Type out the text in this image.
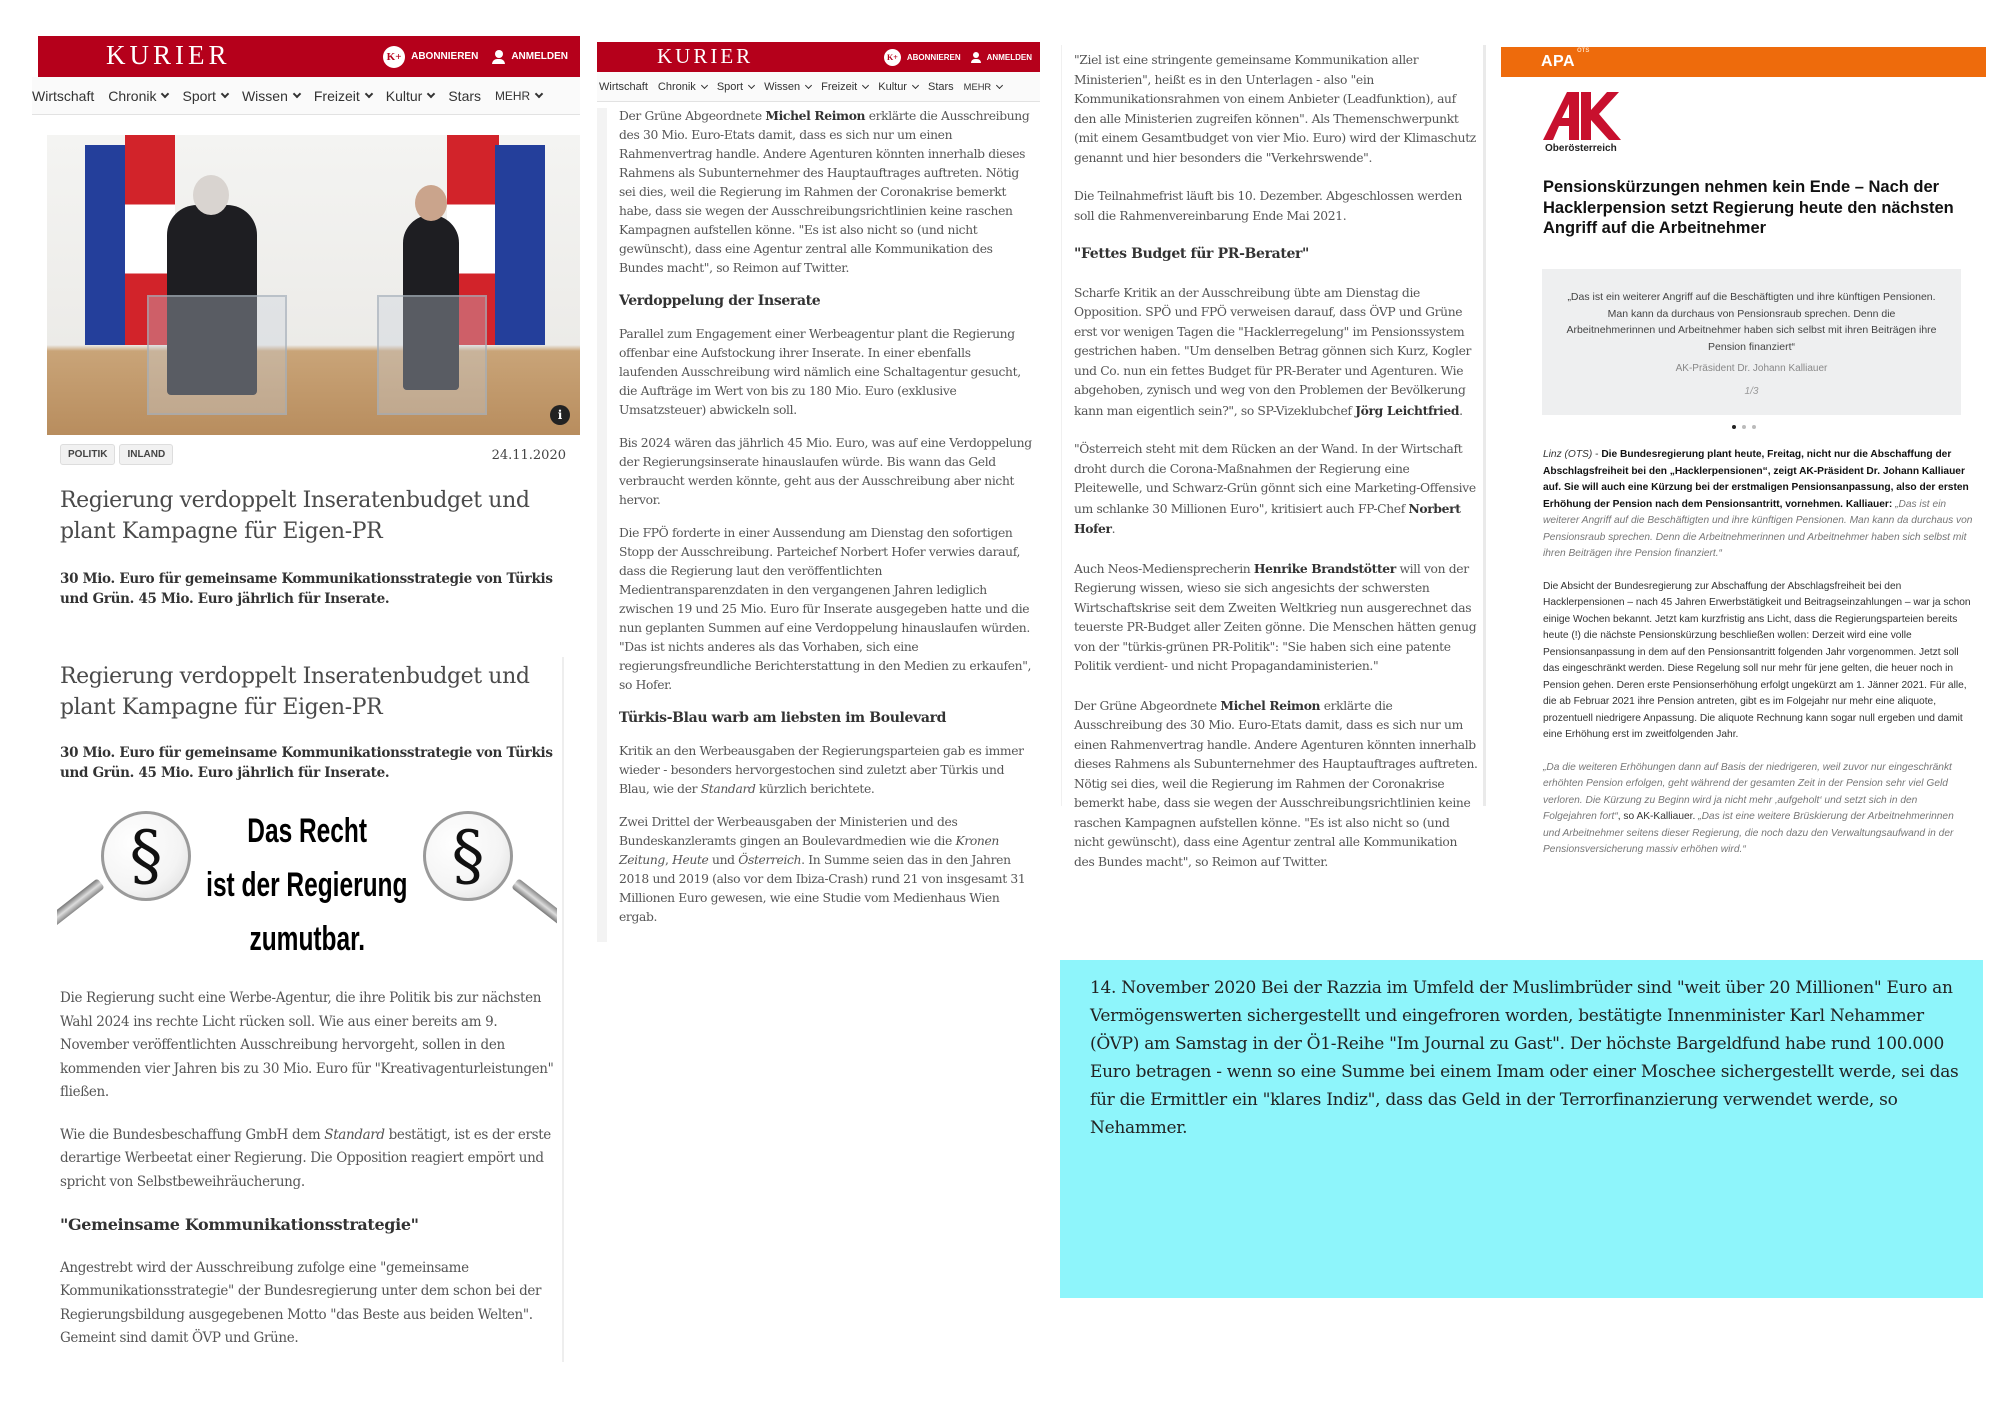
KURIER	K+ ABONNIEREN	ANMELDEN
Wirtschaft Chronik Sport Wissen Freizeit Kultur Stars MEHR
i
POLITIK	INLAND	24.11.2020
Regierung verdoppelt Inseratenbudget und plant Kampagne für Eigen-PR

30 Mio. Euro für gemeinsame Kommunikationsstrategie von Türkis und Grün. 45 Mio. Euro jährlich für Inserate.

Regierung verdoppelt Inseratenbudget und plant Kampagne für Eigen-PR

30 Mio. Euro für gemeinsame Kommunikationsstrategie von Türkis und Grün. 45 Mio. Euro jährlich für Inserate.

§	§
Das Recht
ist der Regierung
zumutbar.

Die Regierung sucht eine Werbe-Agentur, die ihre Politik bis zur nächsten Wahl 2024 ins rechte Licht rücken soll. Wie aus einer bereits am 9. November veröffentlichten Ausschreibung hervorgeht, sollen in den kommenden vier Jahren bis zu 30 Mio. Euro für "Kreativagenturleistungen" fließen.

Wie die Bundesbeschaffung GmbH dem Standard bestätigt, ist es der erste derartige Werbeetat einer Regierung. Die Opposition reagiert empört und spricht von Selbstbeweihräucherung.

"Gemeinsame Kommunikationsstrategie"

Angestrebt wird der Ausschreibung zufolge eine "gemeinsame Kommunikationsstrategie" der Bundesregierung unter dem schon bei der Regierungsbildung ausgegebenen Motto "das Beste aus beiden Welten". Gemeint sind damit ÖVP und Grüne.

KURIER	K+	ABONNIEREN	ANMELDEN
Wirtschaft Chronik Sport Wissen Freizeit Kultur Stars MEHR

Der Grüne Abgeordnete Michel Reimon erklärte die Ausschreibung des 30 Mio. Euro-Etats damit, dass es sich nur um einen Rahmenvertrag handle. Andere Agenturen könnten innerhalb dieses Rahmens als Subunternehmer des Hauptauftrages auftreten. Nötig sei dies, weil die Regierung im Rahmen der Coronakrise bemerkt habe, dass sie wegen der Ausschreibungsrichtlinien keine raschen Kampagnen aufstellen könne. "Es ist also nicht so (und nicht gewünscht), dass eine Agentur zentral alle Kommunikation des Bundes macht", so Reimon auf Twitter.

Verdoppelung der Inserate

Parallel zum Engagement einer Werbeagentur plant die Regierung offenbar eine Aufstockung ihrer Inserate. In einer ebenfalls laufenden Ausschreibung wird nämlich eine Schaltagentur gesucht, die Aufträge im Wert von bis zu 180 Mio. Euro (exklusive Umsatzsteuer) abwickeln soll.

Bis 2024 wären das jährlich 45 Mio. Euro, was auf eine Verdoppelung der Regierungsinserate hinauslaufen würde. Bis wann das Geld verbraucht werden könnte, geht aus der Ausschreibung aber nicht hervor.

Die FPÖ forderte in einer Aussendung am Dienstag den sofortigen Stopp der Ausschreibung. Parteichef Norbert Hofer verwies darauf, dass die Regierung laut den veröffentlichten Medientransparenzdaten in den vergangenen Jahren lediglich zwischen 19 und 25 Mio. Euro für Inserate ausgegeben hatte und die nun geplanten Summen auf eine Verdoppelung hinauslaufen würden. "Das ist nichts anderes als das Vorhaben, sich eine regierungsfreundliche Berichterstattung in den Medien zu erkaufen", so Hofer.

Türkis-Blau warb am liebsten im Boulevard

Kritik an den Werbeausgaben der Regierungsparteien gab es immer wieder - besonders hervorgestochen sind zuletzt aber Türkis und Blau, wie der Standard kürzlich berichtete.

Zwei Drittel der Werbeausgaben der Ministerien und des Bundeskanzleramts gingen an Boulevardmedien wie die Kronen Zeitung, Heute und Österreich. In Summe seien das in den Jahren 2018 und 2019 (also vor dem Ibiza-Crash) rund 21 von insgesamt 31 Millionen Euro gewesen, wie eine Studie vom Medienhaus Wien ergab.

"Ziel ist eine stringente gemeinsame Kommunikation aller Ministerien", heißt es in den Unterlagen - also "ein Kommunikationsrahmen von einem Anbieter (Leadfunktion), auf den alle Ministerien zugreifen können". Als Themenschwerpunkt (mit einem Gesamtbudget von vier Mio. Euro) wird der Klimaschutz genannt und hier besonders die "Verkehrswende".

Die Teilnahmefrist läuft bis 10. Dezember. Abgeschlossen werden soll die Rahmenvereinbarung Ende Mai 2021.

"Fettes Budget für PR-Berater"

Scharfe Kritik an der Ausschreibung übte am Dienstag die Opposition. SPÖ und FPÖ verweisen darauf, dass ÖVP und Grüne erst vor wenigen Tagen die "Hacklerregelung" im Pensionssystem gestrichen haben. "Um denselben Betrag gönnen sich Kurz, Kogler und Co. nun ein fettes Budget für PR-Berater und Agenturen. Wie abgehoben, zynisch und weg von den Problemen der Bevölkerung kann man eigentlich sein?", so SP-Vizeklubchef Jörg Leichtfried.

"Österreich steht mit dem Rücken an der Wand. In der Wirtschaft droht durch die Corona-Maßnahmen der Regierung eine Pleitewelle, und Schwarz-Grün gönnt sich eine Marketing-Offensive um schlanke 30 Millionen Euro", kritisiert auch FP-Chef Norbert Hofer.

Auch Neos-Mediensprecherin Henrike Brandstötter will von der Regierung wissen, wieso sie sich angesichts der schwersten Wirtschaftskrise seit dem Zweiten Weltkrieg nun ausgerechnet das teuerste PR-Budget aller Zeiten gönne. Die Menschen hätten genug von der "türkis-grünen PR-Politik": "Sie haben sich eine patente Politik verdient- und nicht Propagandaministerien."

Der Grüne Abgeordnete Michel Reimon erklärte die Ausschreibung des 30 Mio. Euro-Etats damit, dass es sich nur um einen Rahmenvertrag handle. Andere Agenturen könnten innerhalb dieses Rahmens als Subunternehmer des Hauptauftrages auftreten. Nötig sei dies, weil die Regierung im Rahmen der Coronakrise bemerkt habe, dass sie wegen der Ausschreibungsrichtlinien keine raschen Kampagnen aufstellen könne. "Es ist also nicht so (und nicht gewünscht), dass eine Agentur zentral alle Kommunikation des Bundes macht", so Reimon auf Twitter.

APA
OTS
Oberösterreich
Pensionskürzungen nehmen kein Ende – Nach der Hacklerpension setzt Regierung heute den nächsten Angriff auf die Arbeitnehmer

„Das ist ein weiterer Angriff auf die Beschäftigten und ihre künftigen Pensionen. Man kann da durchaus von Pensionsraub sprechen. Denn die Arbeitnehmerinnen und Arbeitnehmer haben sich selbst mit ihren Beiträgen ihre Pension finanziert“

AK-Präsident Dr. Johann Kalliauer

1/3

Linz (OTS) - Die Bundesregierung plant heute, Freitag, nicht nur die Abschaffung der Abschlagsfreiheit bei den „Hacklerpensionen“, zeigt AK-Präsident Dr. Johann Kalliauer auf. Sie will auch eine Kürzung bei der erstmaligen Pensionsanpassung, also der ersten Erhöhung der Pension nach dem Pensionsantritt, vornehmen. Kalliauer: „Das ist ein weiterer Angriff auf die Beschäftigten und ihre künftigen Pensionen. Man kann da durchaus von Pensionsraub sprechen. Denn die Arbeitnehmerinnen und Arbeitnehmer haben sich selbst mit ihren Beiträgen ihre Pension finanziert.“

Die Absicht der Bundesregierung zur Abschaffung der Abschlagsfreiheit bei den Hacklerpensionen – nach 45 Jahren Erwerbstätigkeit und Beitragseinzahlungen – war ja schon einige Wochen bekannt. Jetzt kam kurzfristig ans Licht, dass die Regierungsparteien bereits heute (!) die nächste Pensionskürzung beschließen wollen: Derzeit wird eine volle Pensionsanpassung in dem auf den Pensionsantritt folgenden Jahr vorgenommen. Jetzt soll das eingeschränkt werden. Diese Regelung soll nur mehr für jene gelten, die heuer noch in Pension gehen. Deren erste Pensionserhöhung erfolgt ungekürzt am 1. Jänner 2021. Für alle, die ab Februar 2021 ihre Pension antreten, gibt es im Folgejahr nur mehr eine aliquote, prozentuell niedrigere Anpassung. Die aliquote Rechnung kann sogar null ergeben und damit eine Erhöhung erst im zweitfolgenden Jahr.

„Da die weiteren Erhöhungen dann auf Basis der niedrigeren, weil zuvor nur eingeschränkt erhöhten Pension erfolgen, geht während der gesamten Zeit in der Pension sehr viel Geld verloren. Die Kürzung zu Beginn wird ja nicht mehr ‚aufgeholt‘ und setzt sich in den Folgejahren fort“, so AK-Kalliauer. „Das ist eine weitere Brüskierung der Arbeitnehmerinnen und Arbeitnehmer seitens dieser Regierung, die noch dazu den Verwaltungsaufwand in der Pensionsversicherung massiv erhöhen wird.“

14. November 2020 Bei der Razzia im Umfeld der Muslimbrüder sind "weit über 20 Millionen" Euro an Vermögenswerten sichergestellt und eingefroren worden, bestätigte Innenminister Karl Nehammer (ÖVP) am Samstag in der Ö1-Reihe "Im Journal zu Gast". Der höchste Bargeldfund habe rund 100.000 Euro betragen - wenn so eine Summe bei einem Imam oder einer Moschee sichergestellt werde, sei das für die Ermittler ein "klares Indiz", dass das Geld in der Terrorfinanzierung verwendet werde, so Nehammer.
